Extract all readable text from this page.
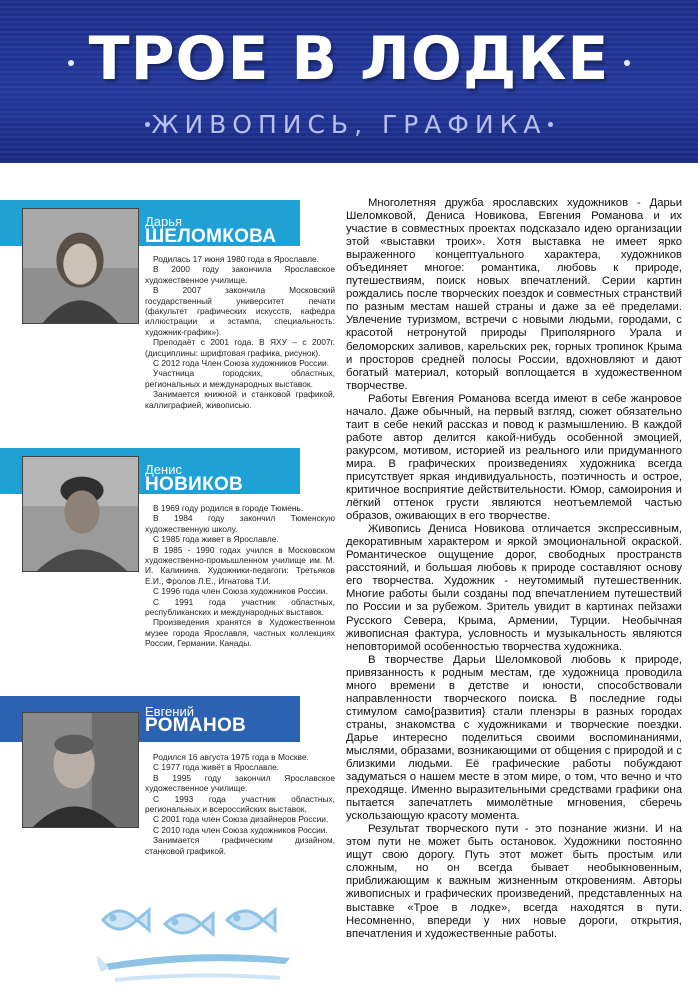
ТРОЕ В ЛОДКЕ
ЖИВОПИСЬ, ГРАФИКА
Дарья
ШЕЛОМКОВА

Родилась 17 июня 1980 года в Ярославле.

В 2000 году закончила Ярославское художественное училище.

В 2007 закончила Московский государственный университет печати (факультет графических искусств, кафедра иллюстрации и эстампа, специальность: художник-график»).

Преподаёт с 2001 года. В ЯХУ – с 2007г. (дисциплины: шрифтовая графика, рисунок).

С 2012 года Член Союза художников России.

Участница городских, областных, региональных и международных выставок.

Занимается книжной и станковой графикой, каллиграфией, живописью.

Денис
НОВИКОВ

В 1969 году родился в городе Тюмень.

В 1984 году закончил Тюменскую художественную школу.

С 1985 года живет в Ярославле.

В 1985 - 1990 годах учился в Московском художественно-промышленном училище им. М. И. Калинина. Художники-педагоги: Третьяков Е.И., Фролов Л.Е., Игнатова Т.И.

С 1996 года член Союза художников России.

С 1991 года участник областных, республиканских и международных выставок.

Произведения хранятся в Художественном музее города Ярославля, частных коллекциях России, Германии, Канады.

Евгений
РОМАНОВ

Родился 16 августа 1975 года в Москве.

С 1977 года живёт в Ярославле.

В 1995 году закончил Ярославское художественное училище.

С 1993 года участник областных, региональных и всероссийских выставок.

С 2001 года член Союза дизайнеров России.

С 2010 года член Союза художников России.

Занимается графическим дизайном, станковой графикой.

Многолетняя дружба ярославских художников - Дарьи Шеломковой, Дениса Новикова, Евгения Романова и их участие в совместных проектах подсказало идею организации этой «выставки троих». Хотя выставка не имеет ярко выраженного концептуального характера, художников объединяет многое: романтика, любовь к природе, путешествиям, поиск новых впечатлений. Серии картин рождались после творческих поездок и совместных странствий по разным местам нашей страны и даже за её пределами. Увлечение туризмом, встречи с новыми людьми, городами, с красотой нетронутой природы Приполярного Урала и беломорских заливов, карельских рек, горных тропинок Крыма и просторов средней полосы России, вдохновляют и дают богатый материал, который воплощается в художественном творчестве.

Работы Евгения Романова всегда имеют в себе жанровое начало. Даже обычный, на первый взгляд, сюжет обязательно таит в себе некий рассказ и повод к размышлению. В каждой работе автор делится какой-нибудь особенной эмоцией, ракурсом, мотивом, историей из реального или придуманного мира. В графических произведениях художника всегда присутствует яркая индивидуальность, поэтичность и острое, критичное восприятие действительности. Юмор, самоирония и лёгкий оттенок грусти являются неотъемлемой частью образов, оживающих в его творчестве.

Живопись Дениса Новикова отличается экспрессивным, декоративным характером и яркой эмоциональной окраской. Романтическое ощущение дорог, свободных пространств расстояний, и большая любовь к природе составляют основу его творчества. Художник - неутомимый путешественник. Многие работы были созданы под впечатлением путешествий по России и за рубежом. Зритель увидит в картинах пейзажи Русского Севера, Крыма, Армении, Турции. Необычная живописная фактура, условность и музыкальность являются неповторимой особенностью творчества художника.

В творчестве Дарьи Шеломковой любовь к природе, привязанность к родным местам, где художница проводила много времени в детстве и юности, способствовали направленности творческого поиска. В последние годы стимулом само{развития} стали пленэры в разных городах страны, знакомства с художниками и творческие поездки. Дарье интересно поделиться своими воспоминаниями, мыслями, образами, возникающими от общения с природой и с близкими людьми. Её графические работы побуждают задуматься о нашем месте в этом мире, о том, что вечно и что преходяще. Именно выразительными средствами графики она пытается запечатлеть мимолётные мгновения, сберечь ускользающую красоту момента.

Результат творческого пути - это познание жизни. И на этом пути не может быть остановок. Художники постоянно ищут свою дорогу. Путь этот может быть простым или сложным, но он всегда бывает необыкновенным, приближающим к важным жизненным откровениям. Авторы живописных и графических произведений, представленных на выставке «Трое в лодке», всегда находятся в пути. Несомненно, впереди у них новые дороги, открытия, впечатления и художественные работы.
